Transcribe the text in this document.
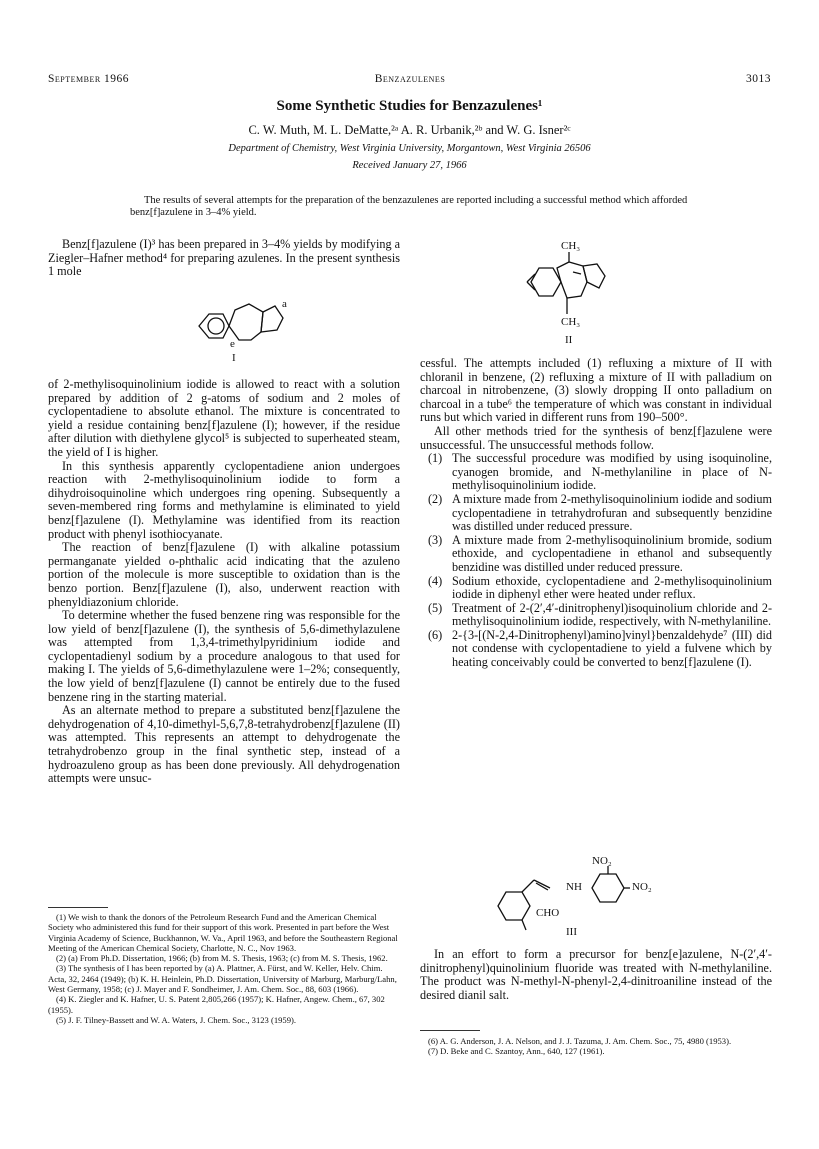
September 1966	Benzazulenes	3013
Some Synthetic Studies for Benzazulenes¹
C. W. Muth, M. L. DeMatte,²ᵃ A. R. Urbanik,²ᵇ and W. G. Isner²ᶜ
Department of Chemistry, West Virginia University, Morgantown, West Virginia 26506
Received January 27, 1966
The results of several attempts for the preparation of the benzazulenes are reported including a successful method which afforded benz[f]azulene in 3–4% yield.

Benz[f]azulene (I)³ has been prepared in 3–4% yields by modifying a Ziegler–Hafner method⁴ for preparing azulenes. In the present synthesis 1 mole

a
e
I

of 2-methylisoquinolinium iodide is allowed to react with a solution prepared by addition of 2 g-atoms of sodium and 2 moles of cyclopentadiene to absolute ethanol. The mixture is concentrated to yield a residue containing benz[f]azulene (I); however, if the residue after dilution with diethylene glycol⁵ is subjected to superheated steam, the yield of I is higher.

In this synthesis apparently cyclopentadiene anion undergoes reaction with 2-methylisoquinolinium iodide to form a dihydroisoquinoline which undergoes ring opening. Subsequently a seven-membered ring forms and methylamine is eliminated to yield benz[f]azulene (I). Methylamine was identified from its reaction product with phenyl isothiocyanate.

The reaction of benz[f]azulene (I) with alkaline potassium permanganate yielded o-phthalic acid indicating that the azuleno portion of the molecule is more susceptible to oxidation than is the benzo portion. Benz[f]azulene (I), also, underwent reaction with phenyldiazonium chloride.

To determine whether the fused benzene ring was responsible for the low yield of benz[f]azulene (I), the synthesis of 5,6-dimethylazulene was attempted from 1,3,4-trimethylpyridinium iodide and cyclopentadienyl sodium by a procedure analogous to that used for making I. The yields of 5,6-dimethylazulene were 1–2%; consequently, the low yield of benz[f]azulene (I) cannot be entirely due to the fused benzene ring in the starting material.

As an alternate method to prepare a substituted benz[f]azulene the dehydrogenation of 4,10-dimethyl-5,6,7,8-tetrahydrobenz[f]azulene (II) was attempted. This represents an attempt to dehydrogenate the tetrahydrobenzo group in the final synthetic step, instead of a hydroazuleno group as has been done previously. All dehydrogenation attempts were unsuc-

(1) We wish to thank the donors of the Petroleum Research Fund and the American Chemical Society who administered this fund for their support of this work. Presented in part before the West Virginia Academy of Science, Buckhannon, W. Va., April 1963, and before the Southeastern Regional Meeting of the American Chemical Society, Charlotte, N. C., Nov 1963.
(2) (a) From Ph.D. Dissertation, 1966; (b) from M. S. Thesis, 1963; (c) from M. S. Thesis, 1962.
(3) The synthesis of I has been reported by (a) A. Plattner, A. Fürst, and W. Keller, Helv. Chim. Acta, 32, 2464 (1949); (b) K. H. Heinlein, Ph.D. Dissertation, University of Marburg, Marburg/Lahn, West Germany, 1958; (c) J. Mayer and F. Sondheimer, J. Am. Chem. Soc., 88, 603 (1966).
(4) K. Ziegler and K. Hafner, U. S. Patent 2,805,266 (1957); K. Hafner, Angew. Chem., 67, 302 (1955).
(5) J. F. Tilney-Bassett and W. A. Waters, J. Chem. Soc., 3123 (1959).
CH₃
CH₃
II

cessful. The attempts included (1) refluxing a mixture of II with chloranil in benzene, (2) refluxing a mixture of II with palladium on charcoal in nitrobenzene, (3) slowly dropping II onto palladium on charcoal in a tube⁶ the temperature of which was constant in individual runs but which varied in different runs from 190–500°.

All other methods tried for the synthesis of benz[f]azulene were unsuccessful. The unsuccessful methods follow.

(1) The successful procedure was modified by using isoquinoline, cyanogen bromide, and N-methylaniline in place of N-methylisoquinolinium iodide.
(2) A mixture made from 2-methylisoquinolinium iodide and sodium cyclopentadiene in tetrahydrofuran and subsequently benzidine was distilled under reduced pressure.
(3) A mixture made from 2-methylisoquinolinium bromide, sodium ethoxide, and cyclopentadiene in ethanol and subsequently benzidine was distilled under reduced pressure.
(4) Sodium ethoxide, cyclopentadiene and 2-methylisoquinolinium iodide in diphenyl ether were heated under reflux.
(5) Treatment of 2-(2′,4′-dinitrophenyl)isoquinolium chloride and 2-methylisoquinolinium iodide, respectively, with N-methylaniline.
(6) 2-{3-[(N-2,4-Dinitrophenyl)amino]vinyl}benzaldehyde⁷ (III) did not condense with cyclopentadiene to yield a fulvene which by heating conceivably could be converted to benz[f]azulene (I).
NO₂
NH	NO₂
CHO
III

In an effort to form a precursor for benz[e]azulene, N-(2′,4′-dinitrophenyl)quinolinium fluoride was treated with N-methylaniline. The product was N-methyl-N-phenyl-2,4-dinitroaniline instead of the desired dianil salt.

(6) A. G. Anderson, J. A. Nelson, and J. J. Tazuma, J. Am. Chem. Soc., 75, 4980 (1953).
(7) D. Beke and C. Szantoy, Ann., 640, 127 (1961).
